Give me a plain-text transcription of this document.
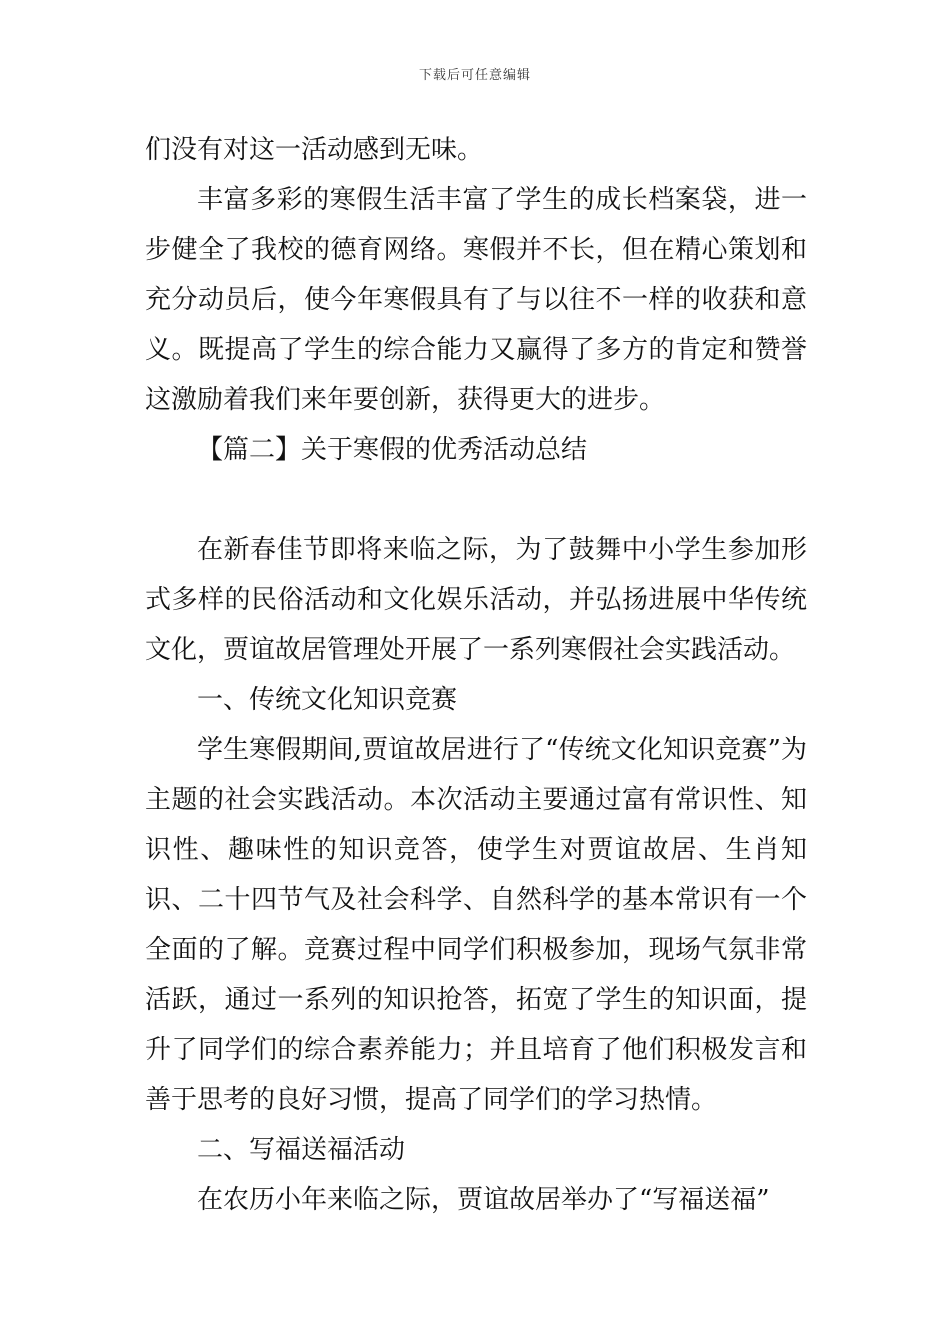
下载后可任意编辑

们没有对这一活动感到无味。

丰富多彩的寒假生活丰富了学生的成长档案袋，进一步健全了我校的德育网络。寒假并不长，但在精心策划和充分动员后，使今年寒假具有了与以往不一样的收获和意义。既提高了学生的综合能力又赢得了多方的肯定和赞誉这激励着我们来年要创新，获得更大的进步。

【篇二】关于寒假的优秀活动总结

在新春佳节即将来临之际，为了鼓舞中小学生参加形式多样的民俗活动和文化娱乐活动，并弘扬进展中华传统文化，贾谊故居管理处开展了一系列寒假社会实践活动。

一、传统文化知识竞赛

学生寒假期间,贾谊故居进行了“传统文化知识竞赛”为主题的社会实践活动。本次活动主要通过富有常识性、知识性、趣味性的知识竞答，使学生对贾谊故居、生肖知识、二十四节气及社会科学、自然科学的基本常识有一个全面的了解。竞赛过程中同学们积极参加，现场气氛非常活跃，通过一系列的知识抢答，拓宽了学生的知识面，提升了同学们的综合素养能力；并且培育了他们积极发言和善于思考的良好习惯，提高了同学们的学习热情。

二、写福送福活动

在农历小年来临之际，贾谊故居举办了“写福送福”
